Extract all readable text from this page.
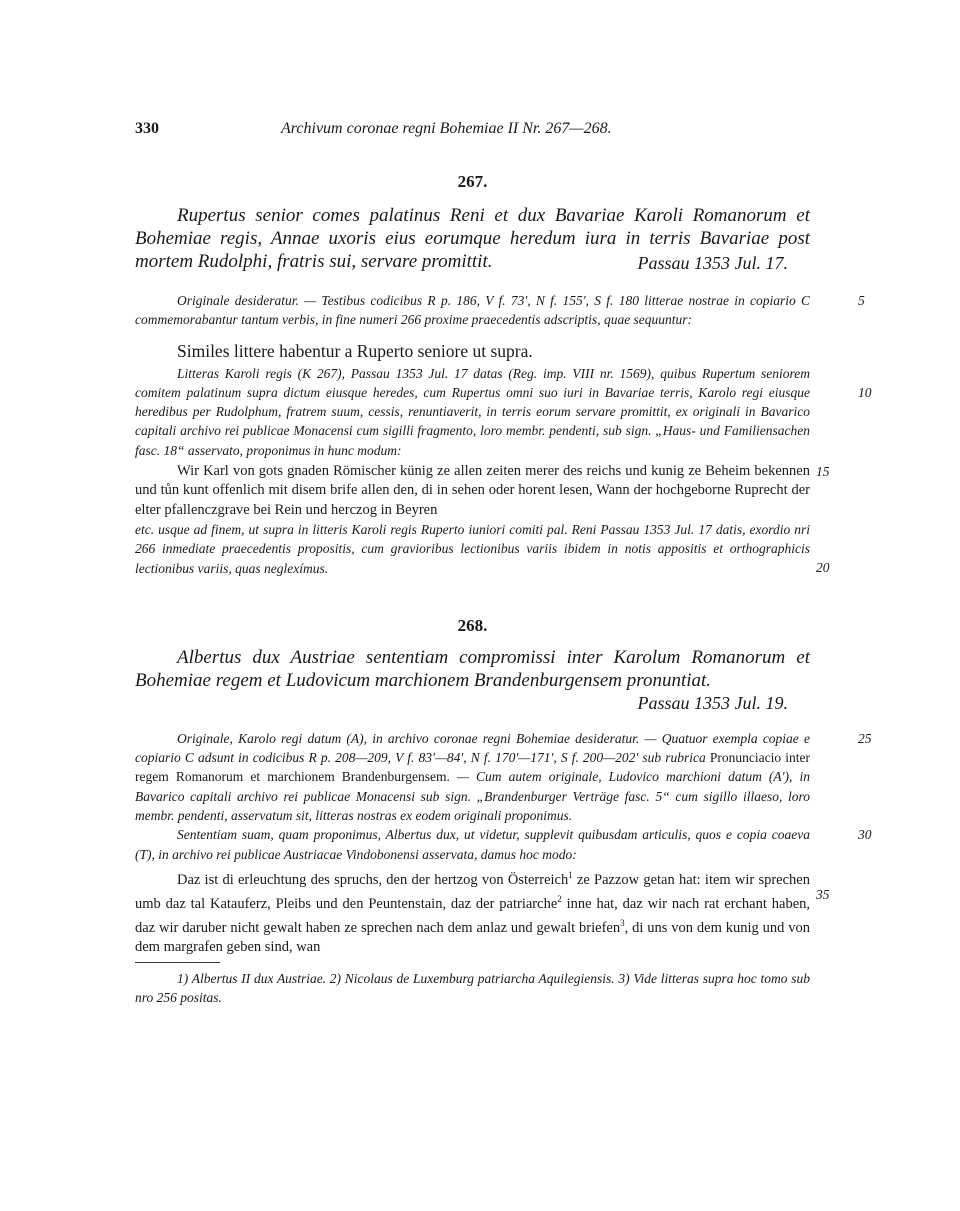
330	Archivum coronae regni Bohemiae II Nr. 267—268.
267.
Rupertus senior comes palatinus Reni et dux Bavariae Karoli Romanorum et Bohemiae regis, Annae uxoris eius eorumque heredum iura in terris Bavariae post mortem Rudolphi, fratris sui, servare promittit.	Passau 1353 Jul. 17.
5
Originale desideratur. — Testibus codicibus R p. 186, V f. 73', N f. 155', S f. 180 litterae nostrae in copiario C commemorabantur tantum verbis, in fine numeri 266 proxime praecedentis adscriptis, quae sequuntur:
Similes littere habentur a Ruperto seniore ut supra.
10
Litteras Karoli regis (K 267), Passau 1353 Jul. 17 datas (Reg. imp. VIII nr. 1569), quibus Rupertum seniorem comitem palatinum supra dictum eiusque heredes, cum Rupertus omni suo iuri in Bavariae terris, Karolo regi eiusque heredibus per Rudolphum, fratrem suum, cessis, renuntiaverit, in terris eorum servare promittit, ex originali in Bavarico capitali archivo rei publicae Monacensi cum sigilli fragmento, loro membr. pendenti, sub sign. „Haus- und Familiensachen fasc. 18“ asservato, proponimus in hunc modum:
15
20
Wir Karl von gots gnaden Römischer künig ze allen zeiten merer des reichs und kunig ze Beheim bekennen und tůn kunt offenlich mit disem brife allen den, di in sehen oder horent lesen, Wann der hochgeborne Ruprecht der elter pfallenczgrave bei Rein und herczog in Beyren
etc. usque ad finem, ut supra in litteris Karoli regis Ruperto iuniori comiti pal. Reni Passau 1353 Jul. 17 datis, exordio nri 266 inmediate praecedentis propositis, cum gravioribus lectionibus variis ibidem in notis appositis et orthographicis lectionibus variis, quas neglexímus.
268.
Albertus dux Austriae sententiam compromissi inter Karolum Romanorum et Bohemiae regem et Ludovicum marchionem Brandenburgensem pronuntiat.
Passau 1353 Jul. 19.
25
30
Originale, Karolo regi datum (A), in archivo coronae regni Bohemiae desideratur. — Quatuor exempla copiae e copiario C adsunt in codicibus R p. 208—209, V f. 83'—84', N f. 170'—171', S f. 200—202' sub rubrica Pronunciacio inter regem Romanorum et marchionem Brandenburgensem. — Cum autem originale, Ludovico marchioni datum (A'), in Bavarico capitali archivo rei publicae Monacensi sub sign. „Brandenburger Verträge fasc. 5“ cum sigillo illaeso, loro membr. pendenti, asservatum sit, litteras nostras ex eodem originali proponimus.
Sententiam suam, quam proponimus, Albertus dux, ut videtur, supplevit quibusdam articulis, quos e copia coaeva (T), in archivo rei publicae Austriacae Vindobonensi asservata, damus hoc modo:
35
Daz ist di erleuchtung des spruchs, den der hertzog von Österreich$^1$ ze Pazzow getan hat: item wir sprechen umb daz tal Katauferz, Pleibs und den Peuntenstain, daz der patriarche$^2$ inne hat, daz wir nach rat erchant haben, daz wir daruber nicht gewalt haben ze sprechen nach dem anlaz und gewalt briefen$^3$, di uns von dem kunig und von dem margrafen geben sind, wan
1) Albertus II dux Austriae. 2) Nicolaus de Luxemburg patriarcha Aquilegiensis. 3) Vide litteras supra hoc tomo sub nro 256 positas.
